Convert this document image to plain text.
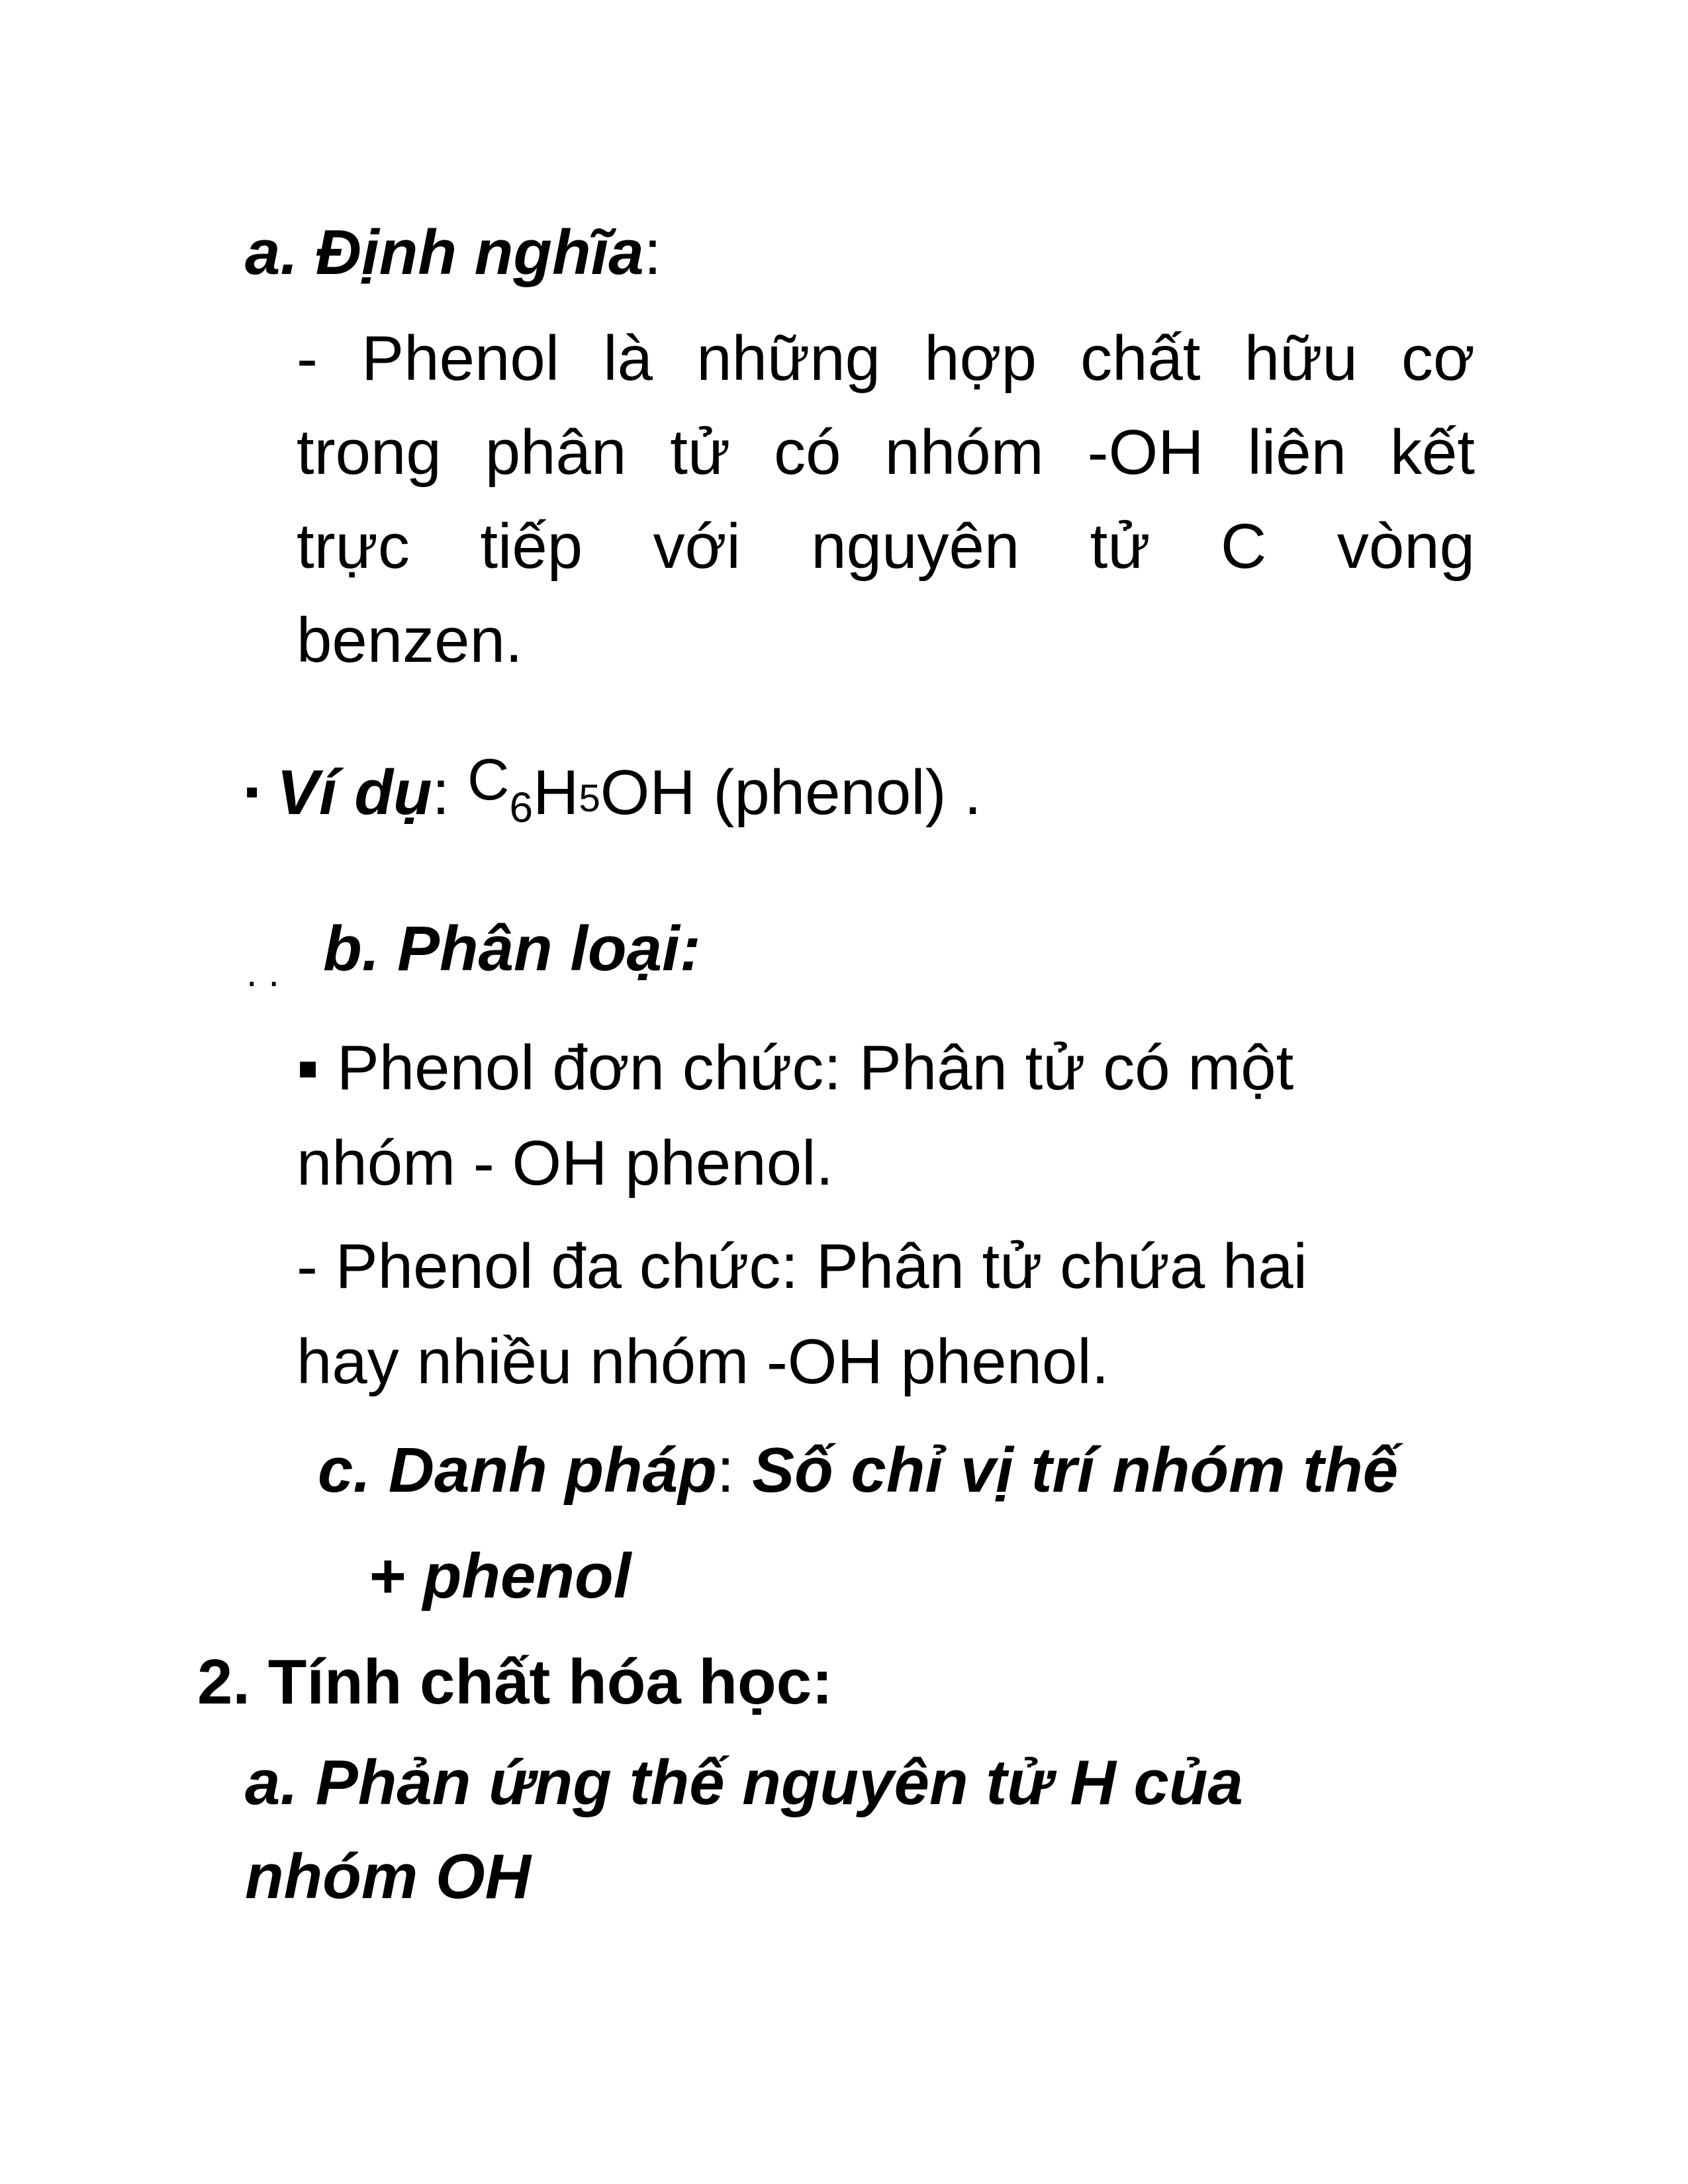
a. Định nghĩa:
- Phenol là những hợp chất hữu cơ
trong phân tử có nhóm -OH liên kết
trực tiếp với nguyên tử C vòng
benzen.
▪ Ví dụ: C6H5OH (phenol) .
. . b. Phân loại:
▪ Phenol đơn chức: Phân tử có một
nhóm - OH phenol.
- Phenol đa chức: Phân tử chứa hai
hay nhiều nhóm -OH phenol.
c. Danh pháp: Số chỉ vị trí nhóm thế
+ phenol
2. Tính chất hóa học:
a. Phản ứng thế nguyên tử H của
nhóm OH
